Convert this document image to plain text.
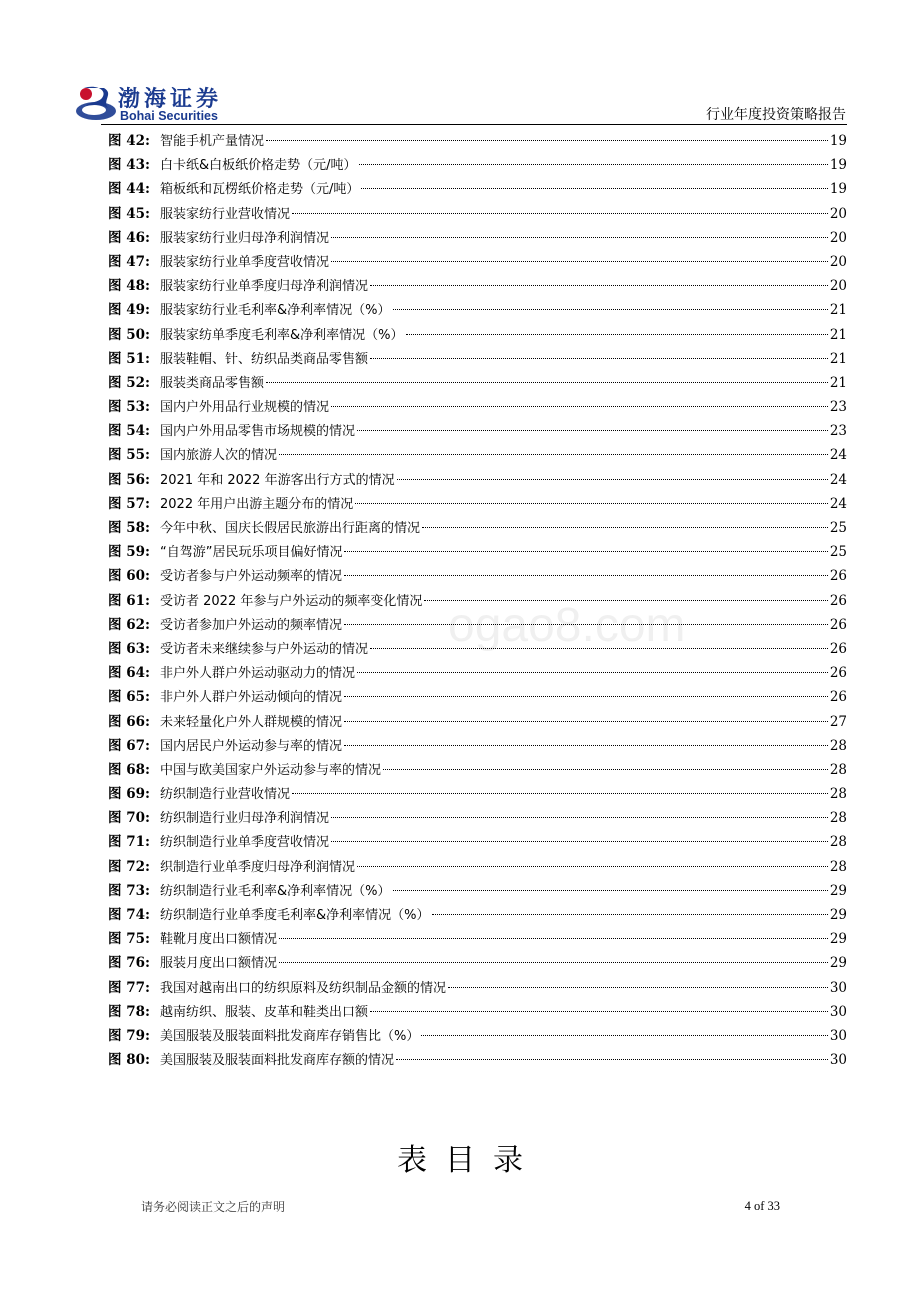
渤海证券
Bohai Securities	行业年度投资策略报告
图 42: 智能手机产量情况	19
图 43: 白卡纸&白板纸价格走势（元/吨）	19
图 44: 箱板纸和瓦楞纸价格走势（元/吨）	19
图 45: 服装家纺行业营收情况	20
图 46: 服装家纺行业归母净利润情况	20
图 47: 服装家纺行业单季度营收情况	20
图 48: 服装家纺行业单季度归母净利润情况	20
图 49: 服装家纺行业毛利率&净利率情况（%）	21
图 50: 服装家纺单季度毛利率&净利率情况（%）	21
图 51: 服装鞋帽、针、纺织品类商品零售额	21
图 52: 服装类商品零售额	21
图 53: 国内户外用品行业规模的情况	23
图 54: 国内户外用品零售市场规模的情况	23
图 55: 国内旅游人次的情况	24
图 56: 2021 年和 2022 年游客出行方式的情况	24
图 57: 2022 年用户出游主题分布的情况	24
图 58: 今年中秋、国庆长假居民旅游出行距离的情况	25
图 59: “自驾游”居民玩乐项目偏好情况	25
图 60: 受访者参与户外运动频率的情况	26
图 61: 受访者 2022 年参与户外运动的频率变化情况	26
图 62: 受访者参加户外运动的频率情况	26
图 63: 受访者未来继续参与户外运动的情况	26
图 64: 非户外人群户外运动驱动力的情况	26
图 65: 非户外人群户外运动倾向的情况	26
图 66: 未来轻量化户外人群规模的情况	27
图 67: 国内居民户外运动参与率的情况	28
图 68: 中国与欧美国家户外运动参与率的情况	28
图 69: 纺织制造行业营收情况	28
图 70: 纺织制造行业归母净利润情况	28
图 71: 纺织制造行业单季度营收情况	28
图 72: 织制造行业单季度归母净利润情况	28
图 73: 纺织制造行业毛利率&净利率情况（%）	29
图 74: 纺织制造行业单季度毛利率&净利率情况（%）	29
图 75: 鞋靴月度出口额情况	29
图 76: 服装月度出口额情况	29
图 77: 我国对越南出口的纺织原料及纺织制品金额的情况	30
图 78: 越南纺织、服装、皮革和鞋类出口额	30
图 79: 美国服装及服装面料批发商库存销售比（%）	30
图 80: 美国服装及服装面料批发商库存额的情况	30
ogao8.com
表目录
请务必阅读正文之后的声明	4 of 33
